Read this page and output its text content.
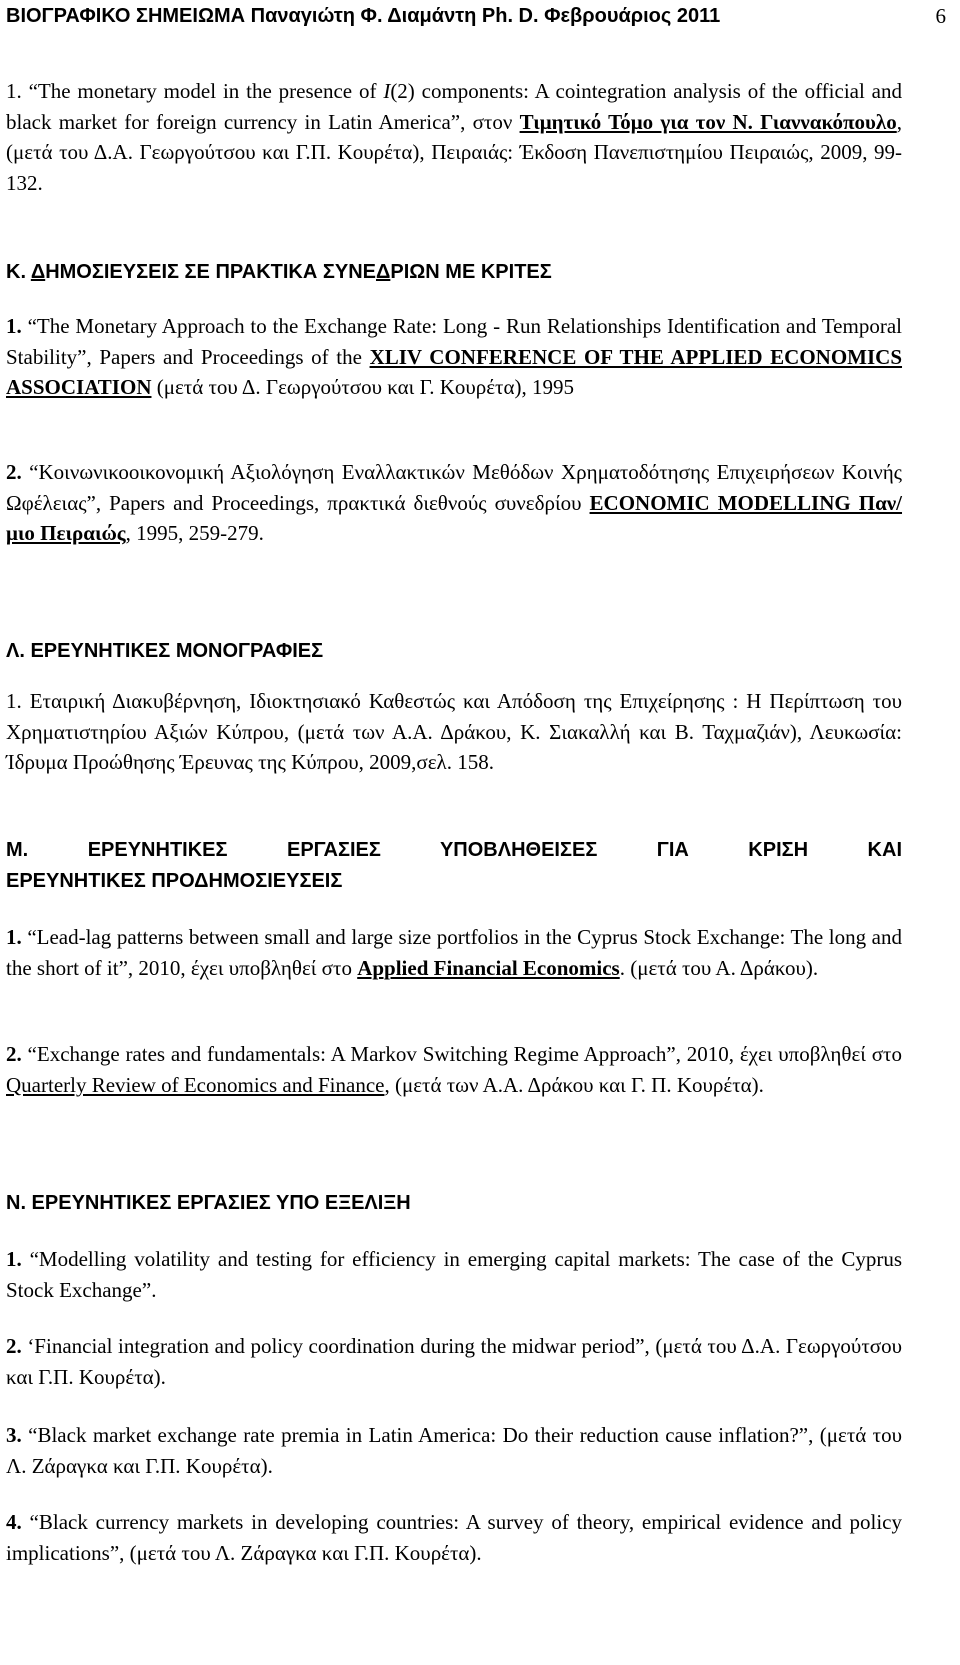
ΒΙΟΓΡΑΦΙΚΟ ΣΗΜΕΙΩΜΑ Παναγιώτη Φ. Διαμάντη Ph. D. Φεβρουάριος 2011	6
1. “The monetary model in the presence of I(2) components: A cointegration analysis of the official and black market for foreign currency in Latin America”, στον Τιμητικό Τόμο για τον Ν. Γιαννακόπουλο, (μετά του Δ.Α. Γεωργούτσου και Γ.Π. Κουρέτα), Πειραιάς: Έκδοση Πανεπιστημίου Πειραιώς, 2009, 99-132.
Κ. ΔΗΜΟΣΙΕΥΣΕΙΣ ΣΕ ΠΡΑΚΤΙΚΑ ΣΥΝΕΔΡΙΩΝ ΜΕ ΚΡΙΤΕΣ
1. “The Monetary Approach to the Exchange Rate: Long - Run Relationships Identification and Temporal Stability”, Papers and Proceedings of the XLIV CONFERENCE OF THE APPLIED ECONOMICS ASSOCIATION (μετά του Δ. Γεωργούτσου και Γ. Κουρέτα), 1995
2. “Κοινωνικοοικονομική Αξιολόγηση Εναλλακτικών Μεθόδων Χρηματοδότησης Επιχειρήσεων Κοινής Ωφέλειας”, Papers and Proceedings, πρακτικά διεθνούς συνεδρίου ECONOMIC MODELLING Παν/μιο Πειραιώς, 1995, 259-279.
Λ. ΕΡΕΥΝΗΤΙΚΕΣ ΜΟΝΟΓΡΑΦΙΕΣ
1. Εταιρική Διακυβέρνηση, Ιδιοκτησιακό Καθεστώς και Απόδοση της Επιχείρησης : Η Περίπτωση του Χρηματιστηρίου Αξιών Κύπρου, (μετά των Α.Α. Δράκου, Κ. Σιακαλλή και Β. Ταχμαζιάν), Λευκωσία: Ίδρυμα Προώθησης Έρευνας της Κύπρου, 2009,σελ. 158.
Μ. ΕΡΕΥΝΗΤΙΚΕΣ ΕΡΓΑΣΙΕΣ ΥΠΟΒΛΗΘΕΙΣΕΣ ΓΙΑ ΚΡΙΣΗ ΚΑΙ
ΕΡΕΥΝΗΤΙΚΕΣ ΠΡΟΔΗΜΟΣΙΕΥΣΕΙΣ
1. “Lead-lag patterns between small and large size portfolios in the Cyprus Stock Exchange: The long and the short of it”, 2010, έχει υποβληθεί στο Applied Financial Economics. (μετά του Α. Δράκου).
2. “Exchange rates and fundamentals: A Markov Switching Regime Approach”, 2010, έχει υποβληθεί στο Quarterly Review of Economics and Finance, (μετά των Α.Α. Δράκου και Γ. Π. Κουρέτα).
Ν. ΕΡΕΥΝΗΤΙΚΕΣ ΕΡΓΑΣΙΕΣ ΥΠΟ ΕΞΕΛΙΞΗ
1. “Modelling volatility and testing for efficiency in emerging capital markets: The case of the Cyprus Stock Exchange”.
2. ‘Financial integration and policy coordination during the midwar period”, (μετά του Δ.Α. Γεωργούτσου και Γ.Π. Κουρέτα).
3. “Black market exchange rate premia in Latin America: Do their reduction cause inflation?”, (μετά του Λ. Ζάραγκα και Γ.Π. Κουρέτα).
4. “Black currency markets in developing countries: A survey of theory, empirical evidence and policy implications”, (μετά του Λ. Ζάραγκα και Γ.Π. Κουρέτα).
